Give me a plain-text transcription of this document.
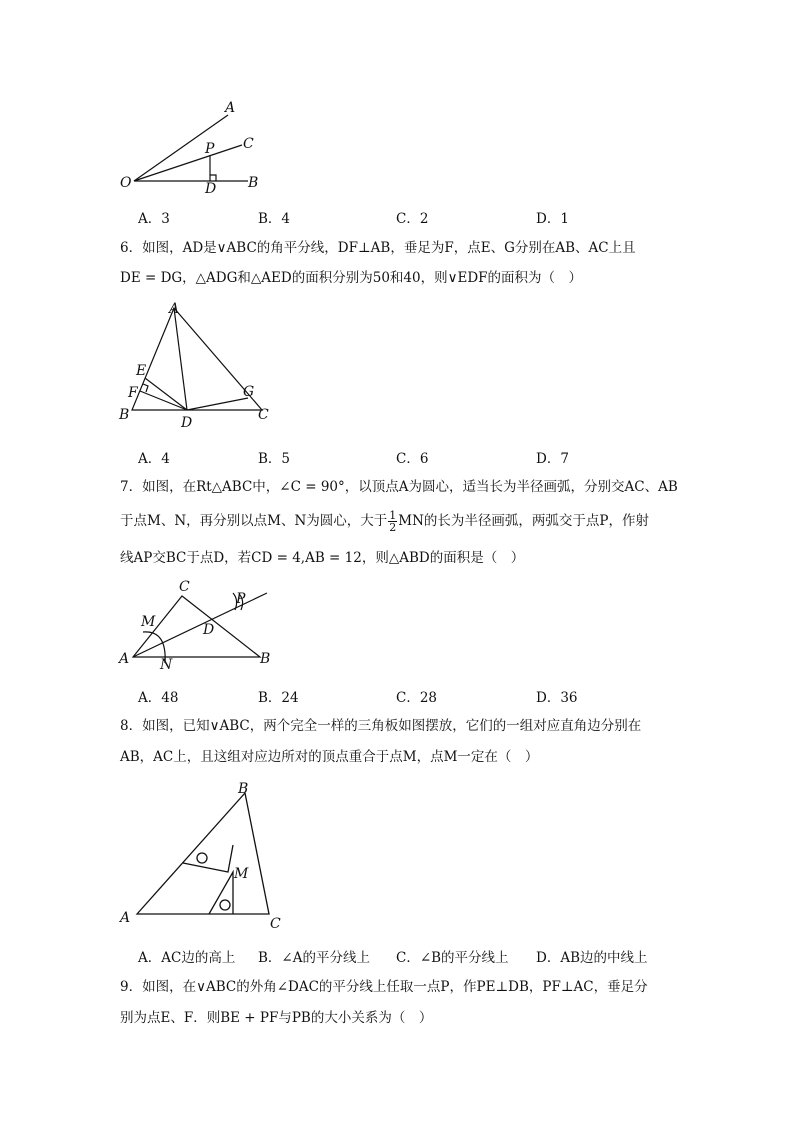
A
C
P
O	D B
A．3	B．4	C．2	D．1
6．如图，AD是∨ABC的角平分线，DF⊥AB，垂足为F，点E、G分别在AB、AC上且
DE = DG，△ADG和△AED的面积分别为50和40，则∨EDF的面积为（　）
A
E
F
B	D
G
C
A．4	B．5	C．6	D．7
7．如图，在Rt△ABC中，∠C = 90°，以顶点A为圆心，适当长为半径画弧，分别交AC、AB
于点M、N，再分别以点M、N为圆心，大于 $\frac{1}{2}$ MN的长为半径画弧，两弧交于点P，作射
线AP交BC于点D，若CD = 4,AB = 12，则△ABD的面积是（　）
C
M
P
D
A N	B
A．48	B．24	C．28	D．36
8．如图，已知∨ABC，两个完全一样的三角板如图摆放，它们的一组对应直角边分别在
AB，AC上，且这组对应边所对的顶点重合于点M，点M一定在（　）
B
M
A	C
A．AC边的高上 B．∠A的平分线上 C．∠B的平分线上 D．AB边的中线上
9．如图，在∨ABC的外角∠DAC的平分线上任取一点P，作PE⊥DB，PF⊥AC，垂足分
别为点E、F．则BE + PF与PB的大小关系为（　）
